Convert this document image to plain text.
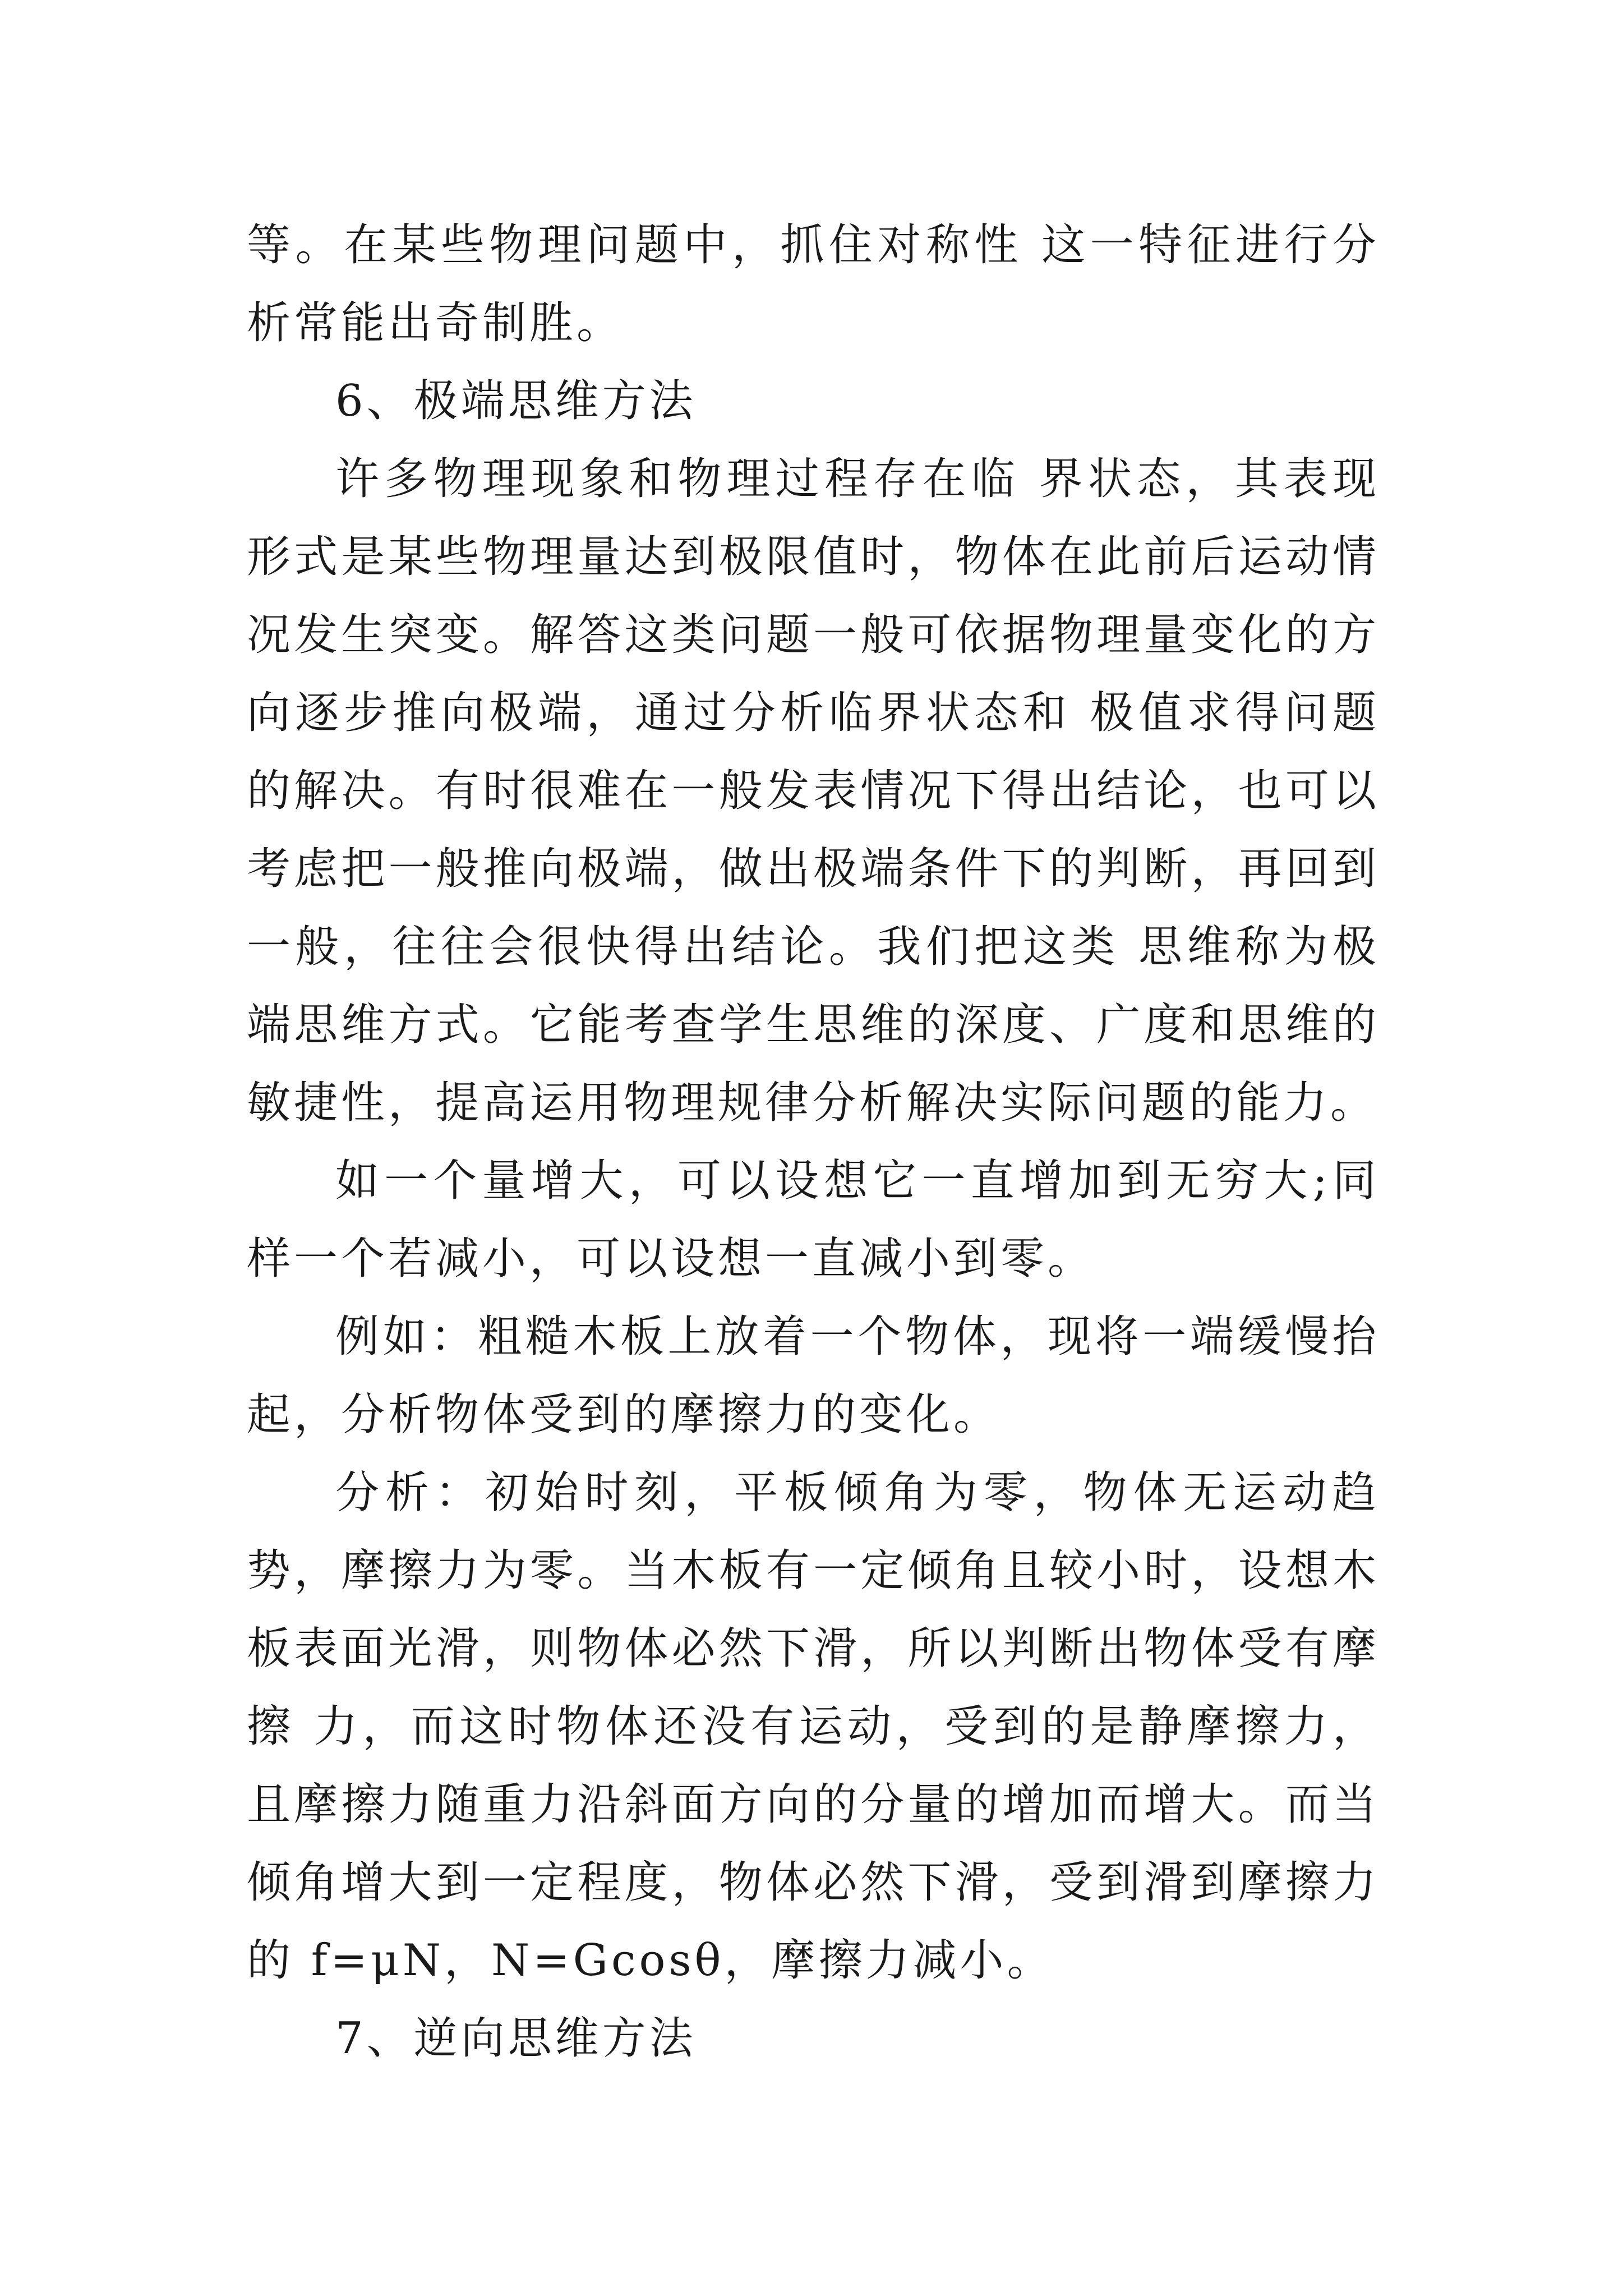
等。在某些物理问题中，抓住对称性 这一特征进行分析常能出奇制胜。

6、极端思维方法

许多物理现象和物理过程存在临 界状态，其表现形式是某些物理量达到极限值时，物体在此前后运动情况发生突变。解答这类问题一般可依据物理量变化的方向逐步推向极端，通过分析临界状态和 极值求得问题的解决。有时很难在一般发表情况下得出结论，也可以考虑把一般推向极端，做出极端条件下的判断，再回到一般，往往会很快得出结论。我们把这类 思维称为极端思维方式。它能考查学生思维的深度、广度和思维的敏捷性，提高运用物理规律分析解决实际问题的能力。

如一个量增大，可以设想它一直增加到无穷大;同样一个若减小，可以设想一直减小到零。

例如：粗糙木板上放着一个物体，现将一端缓慢抬起，分析物体受到的摩擦力的变化。

分析：初始时刻，平板倾角为零，物体无运动趋势，摩擦力为零。当木板有一定倾角且较小时，设想木板表面光滑，则物体必然下滑，所以判断出物体受有摩擦 力，而这时物体还没有运动，受到的是静摩擦力，且摩擦力随重力沿斜面方向的分量的增加而增大。而当倾角增大到一定程度，物体必然下滑，受到滑到摩擦力的 f=μN，N=Gcosθ，摩擦力减小。

7、逆向思维方法
